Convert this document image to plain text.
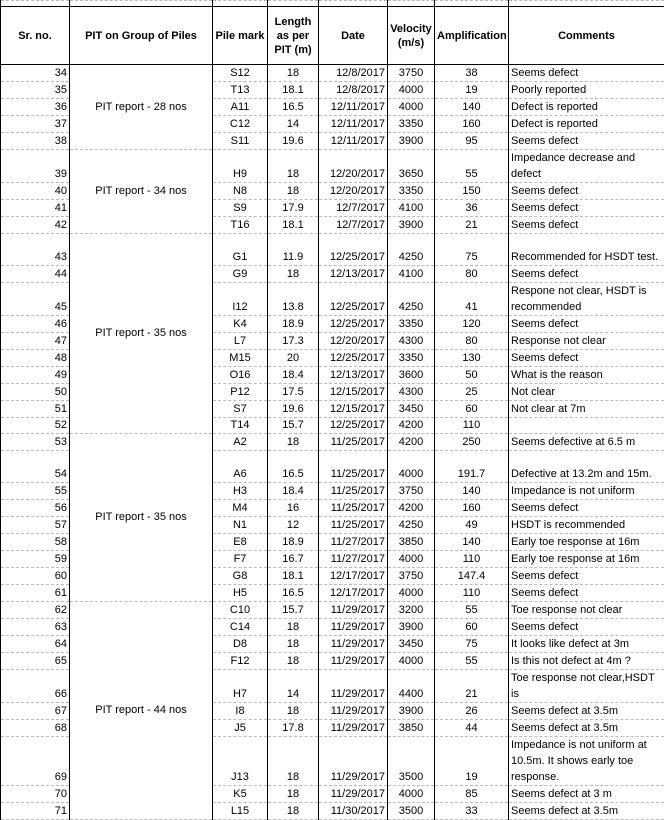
Sr. no.	PIT on Group of Piles	Pile mark	Length as per PIT (m)	Date	Velocity (m/s)	Amplification	Comments
34	PIT report - 28 nos	S12	18	12/8/2017	3750	38	Seems defect
35		T13	18.1	12/8/2017	4000	19	Poorly reported
36		A11	16.5	12/11/2017	4000	140	Defect is reported
37		C12	14	12/11/2017	3350	160	Defect is reported
38		S11	19.6	12/11/2017	3900	95	Seems defect
39	PIT report - 34 nos	H9	18	12/20/2017	3650	55	Impedance decrease and defect
40		N8	18	12/20/2017	3350	150	Seems defect
41		S9	17.9	12/7/2017	4100	36	Seems defect
42		T16	18.1	12/7/2017	3900	21	Seems defect
43	PIT report - 35 nos	G1	11.9	12/25/2017	4250	75	Recommended for HSDT test.
44		G9	18	12/13/2017	4100	80	Seems defect
45		I12	13.8	12/25/2017	4250	41	Respone not clear, HSDT is recommended
46		K4	18.9	12/25/2017	3350	120	Seems defect
47		L7	17.3	12/20/2017	4300	80	Response not clear
48		M15	20	12/25/2017	3350	130	Seems defect
49		O16	18.4	12/13/2017	3600	50	What is the reason
50		P12	17.5	12/15/2017	4300	25	Not clear
51		S7	19.6	12/15/2017	3450	60	Not clear at 7m
52		T14	15.7	12/25/2017	4200	110	
53	PIT report - 35 nos	A2	18	11/25/2017	4200	250	Seems defective at 6.5 m
54		A6	16.5	11/25/2017	4000	191.7	Defective at 13.2m and 15m.
55		H3	18.4	11/25/2017	3750	140	Impedance is not uniform
56		M4	16	11/25/2017	4200	160	Seems defect
57		N1	12	11/25/2017	4250	49	HSDT is recommended
58		E8	18.9	11/27/2017	3850	140	Early toe response at 16m
59		F7	16.7	11/27/2017	4000	110	Early toe response at 16m
60		G8	18.1	12/17/2017	3750	147.4	Seems defect
61		H5	16.5	12/17/2017	4000	110	Seems defect
62	PIT report - 44 nos	C10	15.7	11/29/2017	3200	55	Toe response not clear
63		C14	18	11/29/2017	3900	60	Seems defect
64		D8	18	11/29/2017	3450	75	It looks like defect at 3m
65		F12	18	11/29/2017	4000	55	Is this not defect at 4m ?
66		H7	14	11/29/2017	4400	21	Toe response not clear,HSDT is
67		I8	18	11/29/2017	3900	26	Seems defect at 3.5m
68		J5	17.8	11/29/2017	3850	44	Seems defect at 3.5m
69		J13	18	11/29/2017	3500	19	Impedance is not uniform at 10.5m. It shows early toe response.
70		K5	18	11/29/2017	4000	85	Seems defect at 3 m
71		L15	18	11/30/2017	3500	33	Seems defect at 3.5m
